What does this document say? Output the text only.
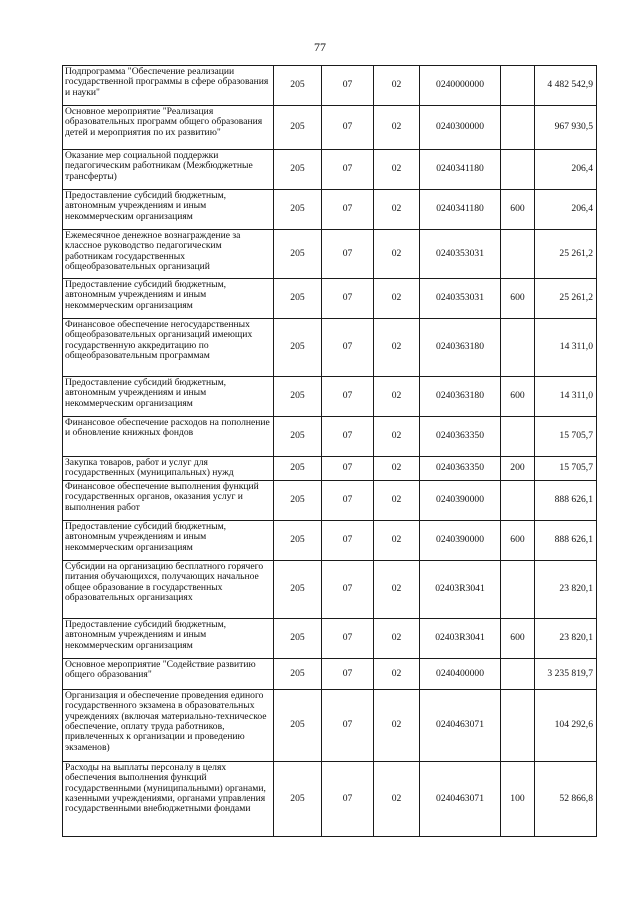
77
Подпрограмма "Обеспечение реализации государственной программы в сфере образования и науки"	205	07	02	0240000000		4 482 542,9
Основное мероприятие "Реализация образовательных программ общего образования детей и мероприятия по их развитию"	205	07	02	0240300000		967 930,5
Оказание мер социальной поддержки педагогическим работникам (Межбюджетные трансферты)	205	07	02	0240341180		206,4
Предоставление субсидий бюджетным, автономным учреждениям и иным некоммерческим организациям	205	07	02	0240341180	600	206,4
Ежемесячное денежное вознаграждение за классное руководство педагогическим работникам государственных общеобразовательных организаций	205	07	02	0240353031		25 261,2
Предоставление субсидий бюджетным, автономным учреждениям и иным некоммерческим организациям	205	07	02	0240353031	600	25 261,2
Финансовое обеспечение негосударственных общеобразовательных организаций имеющих государственную аккредитацию по общеобразовательным программам	205	07	02	0240363180		14 311,0
Предоставление субсидий бюджетным, автономным учреждениям и иным некоммерческим организациям	205	07	02	0240363180	600	14 311,0
Финансовое обеспечение расходов на пополнение и обновление книжных фондов	205	07	02	0240363350		15 705,7
Закупка товаров, работ и услуг для государственных (муниципальных) нужд	205	07	02	0240363350	200	15 705,7
Финансовое обеспечение выполнения функций государственных органов, оказания услуг и выполнения работ	205	07	02	0240390000		888 626,1
Предоставление субсидий бюджетным, автономным учреждениям и иным некоммерческим организациям	205	07	02	0240390000	600	888 626,1
Субсидии на организацию бесплатного горячего питания обучающихся, получающих начальное общее образование в государственных образовательных организациях	205	07	02	02403R3041		23 820,1
Предоставление субсидий бюджетным, автономным учреждениям и иным некоммерческим организациям	205	07	02	02403R3041	600	23 820,1
Основное мероприятие "Содействие развитию общего образования"	205	07	02	0240400000		3 235 819,7
Организация и обеспечение проведения единого государственного экзамена в образовательных учреждениях (включая материально-техническое обеспечение, оплату труда работников, привлеченных к организации и проведению экзаменов)	205	07	02	0240463071		104 292,6
Расходы на выплаты персоналу в целях обеспечения выполнения функций государственными (муниципальными) органами, казенными учреждениями, органами управления государственными внебюджетными фондами	205	07	02	0240463071	100	52 866,8
